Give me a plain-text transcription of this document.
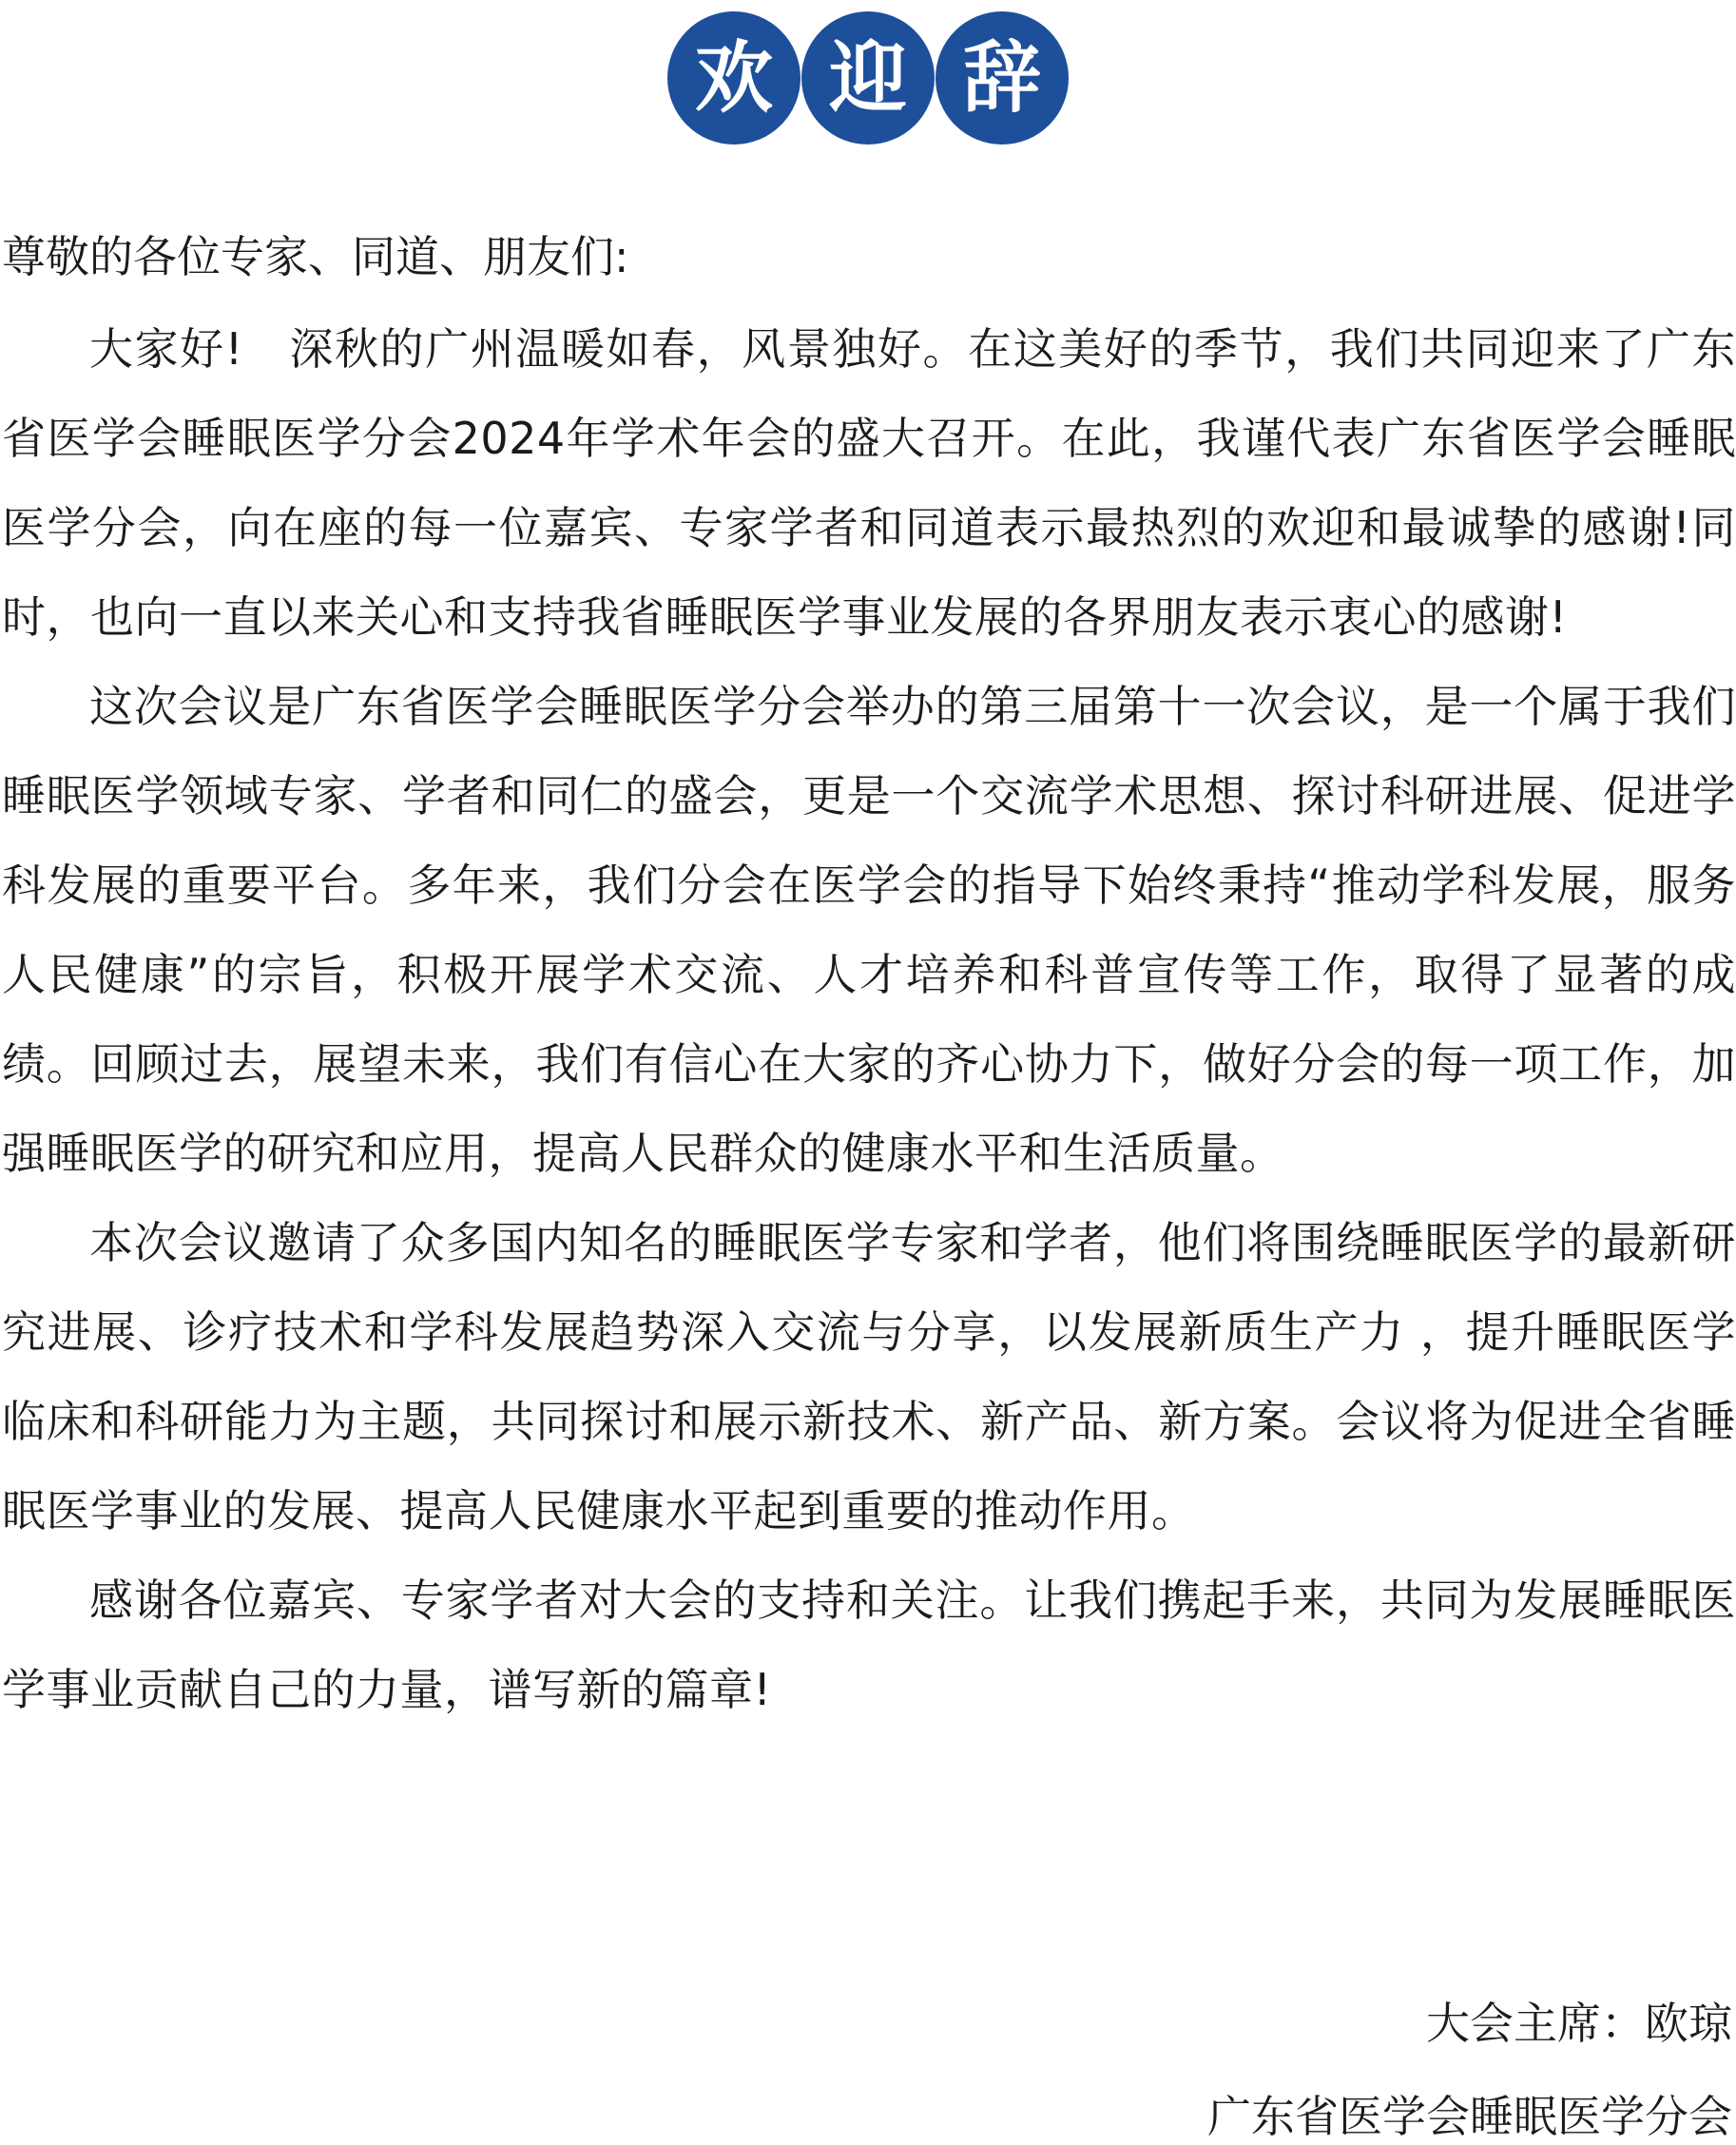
欢 迎 辞

尊敬的各位专家、同道、朋友们:

大家好!　深秋的广州温暖如春，风景独好。在这美好的季节，我们共同迎来了广东省医学会睡眠医学分会2024年学术年会的盛大召开。在此，我谨代表广东省医学会睡眠医学分会，向在座的每一位嘉宾、专家学者和同道表示最热烈的欢迎和最诚挚的感谢!同时，也向一直以来关心和支持我省睡眠医学事业发展的各界朋友表示衷心的感谢!

这次会议是广东省医学会睡眠医学分会举办的第三届第十一次会议，是一个属于我们睡眠医学领域专家、学者和同仁的盛会，更是一个交流学术思想、探讨科研进展、促进学科发展的重要平台。多年来，我们分会在医学会的指导下始终秉持“推动学科发展，服务人民健康”的宗旨，积极开展学术交流、人才培养和科普宣传等工作，取得了显著的成绩。回顾过去，展望未来，我们有信心在大家的齐心协力下，做好分会的每一项工作，加强睡眠医学的研究和应用，提高人民群众的健康水平和生活质量。

本次会议邀请了众多国内知名的睡眠医学专家和学者，他们将围绕睡眠医学的最新研究进展、诊疗技术和学科发展趋势深入交流与分享，以发展新质生产力 ，提升睡眠医学临床和科研能力为主题，共同探讨和展示新技术、新产品、新方案。会议将为促进全省睡眠医学事业的发展、提高人民健康水平起到重要的推动作用。

感谢各位嘉宾、专家学者对大会的支持和关注。让我们携起手来，共同为发展睡眠医学事业贡献自己的力量，谱写新的篇章!

大会主席：欧琼

广东省医学会睡眠医学分会
